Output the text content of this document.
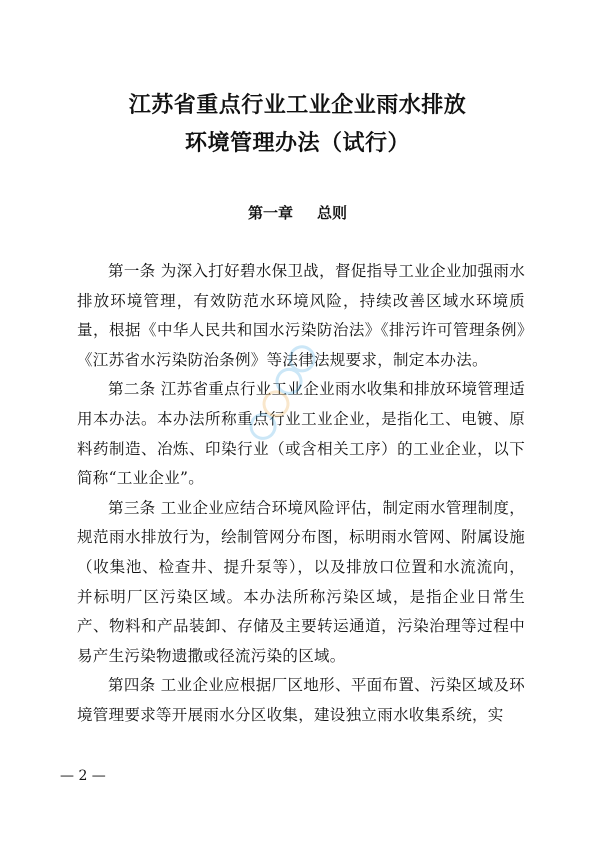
江苏省重点行业工业企业雨水排放
环境管理办法（试行）
第一章 总则

第一条 为深入打好碧水保卫战，督促指导工业企业加强雨水排放环境管理，有效防范水环境风险，持续改善区域水环境质量，根据《中华人民共和国水污染防治法》《排污许可管理条例》《江苏省水污染防治条例》等法律法规要求，制定本办法。

第二条 江苏省重点行业工业企业雨水收集和排放环境管理适用本办法。本办法所称重点行业工业企业，是指化工、电镀、原料药制造、冶炼、印染行业（或含相关工序）的工业企业，以下简称“工业企业”。

第三条 工业企业应结合环境风险评估，制定雨水管理制度，规范雨水排放行为，绘制管网分布图，标明雨水管网、附属设施（收集池、检查井、提升泵等），以及排放口位置和水流流向，并标明厂区污染区域。本办法所称污染区域，是指企业日常生产、物料和产品装卸、存储及主要转运通道，污染治理等过程中易产生污染物遗撒或径流污染的区域。

第四条 工业企业应根据厂区地形、平面布置、污染区域及环境管理要求等开展雨水分区收集，建设独立雨水收集系统，实

— 2 —
